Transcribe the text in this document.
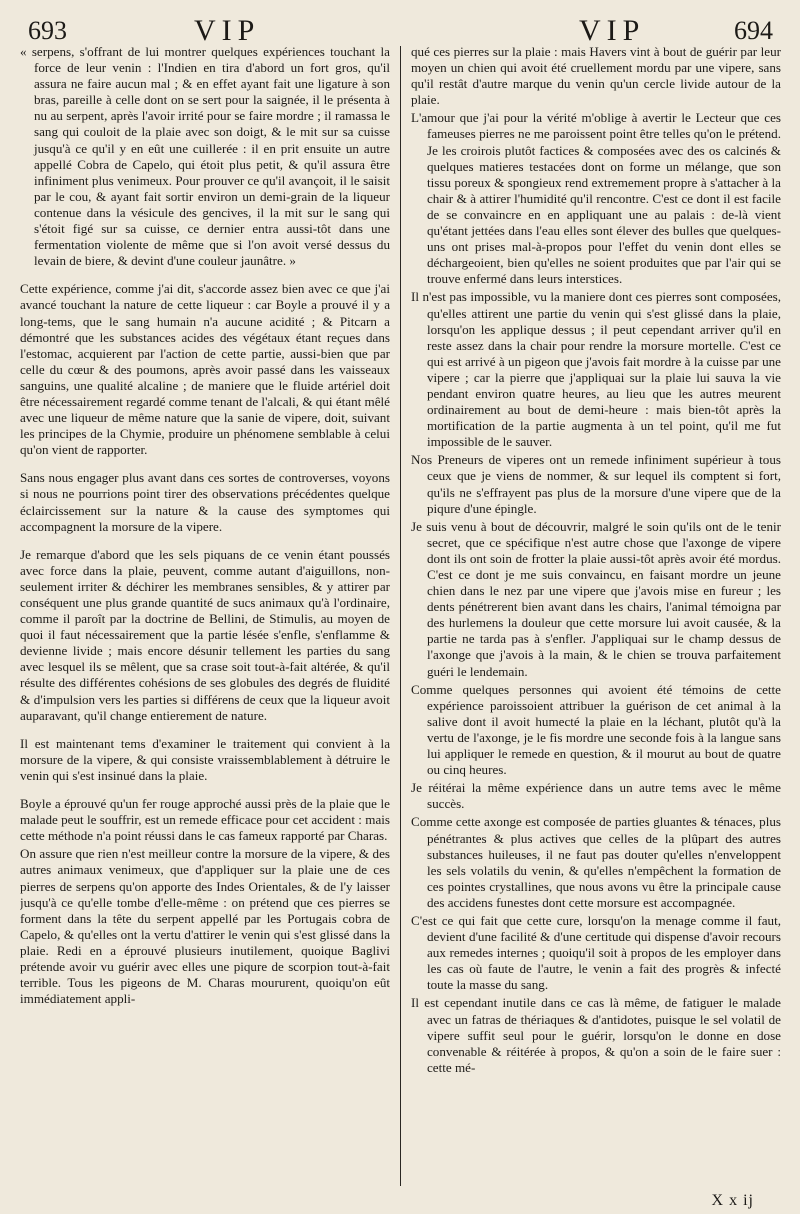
693	VIP	VIP	694

« serpens, s'offrant de lui montrer quelques expériences touchant la force de leur venin : l'Indien en tira d'abord un fort gros, qu'il assura ne faire aucun mal ; & en effet ayant fait une ligature à son bras, pareille à celle dont on se sert pour la saignée, il le présenta à nu au serpent, après l'avoir irrité pour se faire mordre ; il ramassa le sang qui couloit de la plaie avec son doigt, & le mit sur sa cuisse jusqu'à ce qu'il y en eût une cuillerée : il en prit ensuite un autre appellé Cobra de Capelo, qui étoit plus petit, & qu'il assura être infiniment plus venimeux. Pour prouver ce qu'il avançoit, il le saisit par le cou, & ayant fait sortir environ un demi-grain de la liqueur contenue dans la vésicule des gencives, il la mit sur le sang qui s'étoit figé sur sa cuisse, ce dernier entra aussi-tôt dans une fermentation violente de même que si l'on avoit versé dessus du levain de biere, & devint d'une couleur jaunâtre. »

Cette expérience, comme j'ai dit, s'accorde assez bien avec ce que j'ai avancé touchant la nature de cette liqueur : car Boyle a prouvé il y a long-tems, que le sang humain n'a aucune acidité ; & Pitcarn a démontré que les substances acides des végétaux étant reçues dans l'estomac, acquierent par l'action de cette partie, aussi-bien que par celle du cœur & des poumons, après avoir passé dans les vaisseaux sanguins, une qualité alcaline ; de maniere que le fluide artériel doit être nécessairement regardé comme tenant de l'alcali, & qui étant mêlé avec une liqueur de même nature que la sanie de vipere, doit, suivant les principes de la Chymie, produire un phénomene semblable à celui qu'on vient de rapporter.

Sans nous engager plus avant dans ces sortes de controverses, voyons si nous ne pourrions point tirer des observations précédentes quelque éclaircissement sur la nature & la cause des symptomes qui accompagnent la morsure de la vipere.

Je remarque d'abord que les sels piquans de ce venin étant poussés avec force dans la plaie, peuvent, comme autant d'aiguillons, non-seulement irriter & déchirer les membranes sensibles, & y attirer par conséquent une plus grande quantité de sucs animaux qu'à l'ordinaire, comme il paroît par la doctrine de Bellini, de Stimulis, au moyen de quoi il faut nécessairement que la partie lésée s'enfle, s'enflamme & devienne livide ; mais encore désunir tellement les parties du sang avec lesquel ils se mêlent, que sa crase soit tout-à-fait altérée, & qu'il résulte des différentes cohésions de ses globules des degrés de fluidité & d'impulsion vers les parties si différens de ceux que la liqueur avoit auparavant, qu'il change entierement de nature.

Il est maintenant tems d'examiner le traitement qui convient à la morsure de la vipere, & qui consiste vraissemblablement à détruire le venin qui s'est insinué dans la plaie.

Boyle a éprouvé qu'un fer rouge approché aussi près de la plaie que le malade peut le souffrir, est un remede efficace pour cet accident : mais cette méthode n'a point réussi dans le cas fameux rapporté par Charas.

On assure que rien n'est meilleur contre la morsure de la vipere, & des autres animaux venimeux, que d'appliquer sur la plaie une de ces pierres de serpens qu'on apporte des Indes Orientales, & de l'y laisser jusqu'à ce qu'elle tombe d'elle-même : on prétend que ces pierres se forment dans la tête du serpent appellé par les Portugais cobra de Capelo, & qu'elles ont la vertu d'attirer le venin qui s'est glissé dans la plaie. Redi en a éprouvé plusieurs inutilement, quoique Baglivi prétende avoir vu guérir avec elles une piqure de scorpion tout-à-fait terrible. Tous les pigeons de M. Charas moururent, quoiqu'on eût immédiatement appli-

qué ces pierres sur la plaie : mais Havers vint à bout de guérir par leur moyen un chien qui avoit été cruellement mordu par une vipere, sans qu'il restât d'autre marque du venin qu'un cercle livide autour de la plaie.

L'amour que j'ai pour la vérité m'oblige à avertir le Lecteur que ces fameuses pierres ne me paroissent point être telles qu'on le prétend. Je les croirois plutôt factices & composées avec des os calcinés & quelques matieres testacées dont on forme un mélange, que son tissu poreux & spongieux rend extremement propre à s'attacher à la chair & à attirer l'humidité qu'il rencontre. C'est ce dont il est facile de se convaincre en en appliquant une au palais : de-là vient qu'étant jettées dans l'eau elles sont élever des bulles que quelques-uns ont prises mal-à-propos pour l'effet du venin dont elles se déchargeoient, bien qu'elles ne soient produites que par l'air qui se trouve enfermé dans leurs interstices.

Il n'est pas impossible, vu la maniere dont ces pierres sont composées, qu'elles attirent une partie du venin qui s'est glissé dans la plaie, lorsqu'on les applique dessus ; il peut cependant arriver qu'il en reste assez dans la chair pour rendre la morsure mortelle. C'est ce qui est arrivé à un pigeon que j'avois fait mordre à la cuisse par une vipere ; car la pierre que j'appliquai sur la plaie lui sauva la vie pendant environ quatre heures, au lieu que les autres meurent ordinairement au bout de demi-heure : mais bien-tôt après la mortification de la partie augmenta à un tel point, qu'il me fut impossible de le sauver.

Nos Preneurs de viperes ont un remede infiniment supérieur à tous ceux que je viens de nommer, & sur lequel ils comptent si fort, qu'ils ne s'effrayent pas plus de la morsure d'une vipere que de la piqure d'une épingle.

Je suis venu à bout de découvrir, malgré le soin qu'ils ont de le tenir secret, que ce spécifique n'est autre chose que l'axonge de vipere dont ils ont soin de frotter la plaie aussi-tôt après avoir été mordus. C'est ce dont je me suis convaincu, en faisant mordre un jeune chien dans le nez par une vipere que j'avois mise en fureur ; les dents pénétrerent bien avant dans les chairs, l'animal témoigna par des hurlemens la douleur que cette morsure lui avoit causée, & la partie ne tarda pas à s'enfler. J'appliquai sur le champ dessus de l'axonge que j'avois à la main, & le chien se trouva parfaitement guéri le lendemain.

Comme quelques personnes qui avoient été témoins de cette expérience paroissoient attribuer la guérison de cet animal à la salive dont il avoit humecté la plaie en la léchant, plutôt qu'à la vertu de l'axonge, je le fis mordre une seconde fois à la langue sans lui appliquer le remede en question, & il mourut au bout de quatre ou cinq heures.

Je réitérai la même expérience dans un autre tems avec le même succès.

Comme cette axonge est composée de parties gluantes & ténaces, plus pénétrantes & plus actives que celles de la plûpart des autres substances huileuses, il ne faut pas douter qu'elles n'enveloppent les sels volatils du venin, & qu'elles n'empêchent la formation de ces pointes crystallines, que nous avons vu être la principale cause des accidens funestes dont cette morsure est accompagnée.

C'est ce qui fait que cette cure, lorsqu'on la menage comme il faut, devient d'une facilité & d'une certitude qui dispense d'avoir recours aux remedes internes ; quoiqu'il soit à propos de les employer dans les cas où faute de l'autre, le venin a fait des progrès & infecté toute la masse du sang.

Il est cependant inutile dans ce cas là même, de fatiguer le malade avec un fatras de thériaques & d'antidotes, puisque le sel volatil de vipere suffit seul pour le guérir, lorsqu'on le donne en dose convenable & réitérée à propos, & qu'on a soin de le faire suer : cette mé-

X x ij
